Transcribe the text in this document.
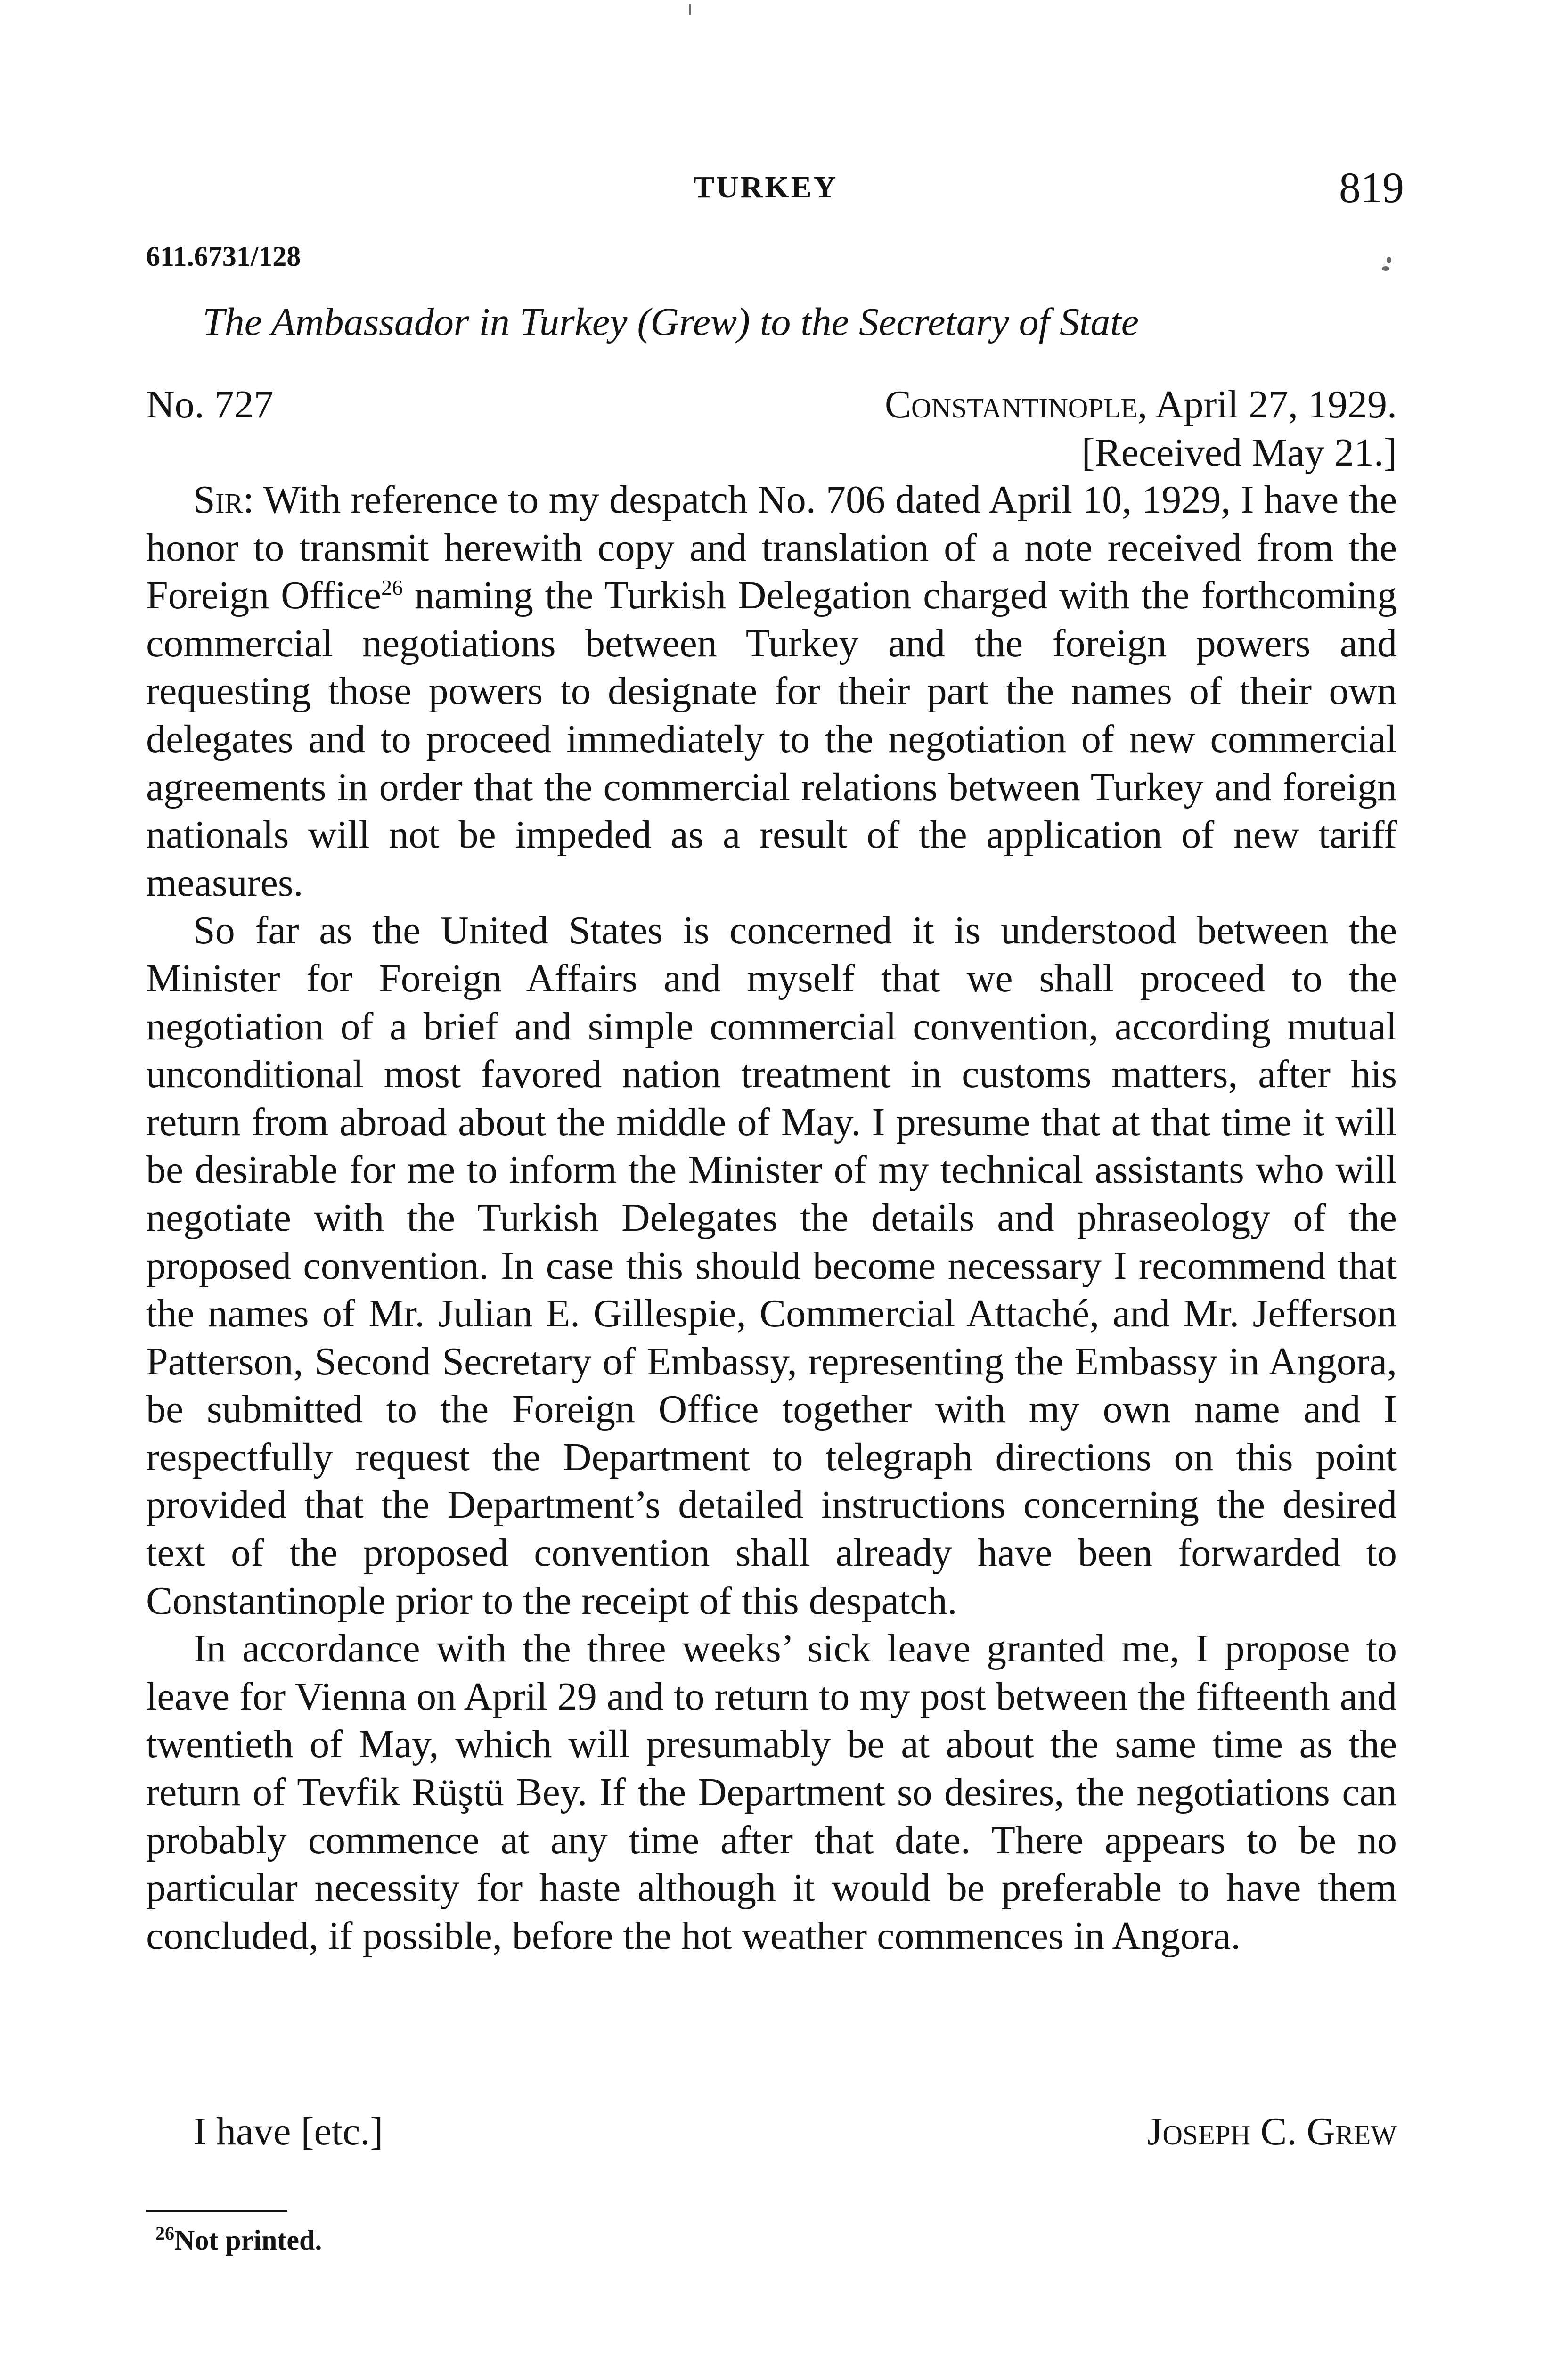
TURKEY	819
611.6731/128
The Ambassador in Turkey (Grew) to the Secretary of State
No. 727	Constantinople, April 27, 1929.
[Received May 21.]

Sir: With reference to my despatch No. 706 dated April 10, 1929, I have the honor to transmit herewith copy and translation of a note received from the Foreign Office$^{26}$ naming the Turkish Delegation charged with the forthcoming commercial negotiations between Turkey and the foreign powers and requesting those powers to designate for their part the names of their own delegates and to proceed immediately to the negotiation of new commercial agreements in order that the commercial relations between Turkey and foreign nationals will not be impeded as a result of the application of new tariff measures.

So far as the United States is concerned it is understood between the Minister for Foreign Affairs and myself that we shall proceed to the negotiation of a brief and simple commercial convention, according mutual unconditional most favored nation treatment in customs matters, after his return from abroad about the middle of May. I presume that at that time it will be desirable for me to inform the Minister of my technical assistants who will negotiate with the Turkish Delegates the details and phraseology of the proposed convention. In case this should become necessary I recommend that the names of Mr. Julian E. Gillespie, Commercial Attaché, and Mr. Jefferson Patterson, Second Secretary of Embassy, representing the Embassy in Angora, be submitted to the Foreign Office together with my own name and I respectfully request the Department to telegraph directions on this point provided that the Department’s detailed instructions concerning the desired text of the proposed convention shall already have been forwarded to Constantinople prior to the receipt of this despatch.

In accordance with the three weeks’ sick leave granted me, I propose to leave for Vienna on April 29 and to return to my post between the fifteenth and twentieth of May, which will presumably be at about the same time as the return of Tevfik Rüştü Bey. If the Department so desires, the negotiations can probably commence at any time after that date. There appears to be no particular necessity for haste although it would be preferable to have them concluded, if possible, before the hot weather commences in Angora.

I have [etc.]	Joseph C. Grew
$^{26}$Not printed.
